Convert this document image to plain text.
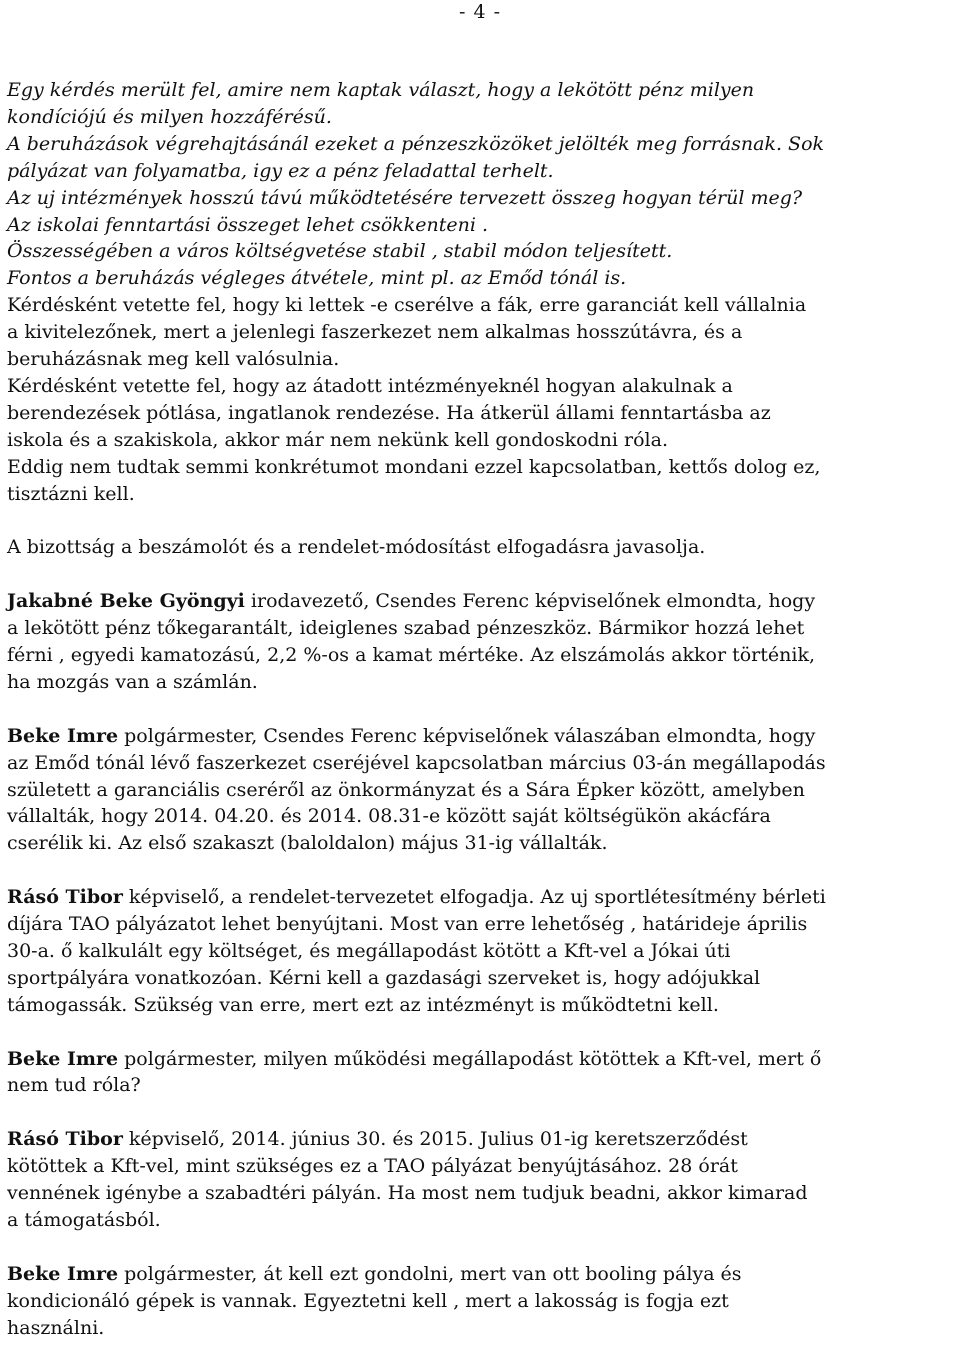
- 4 -

Egy kérdés merült fel, amire nem kaptak választ, hogy a lekötött pénz milyen

kondíciójú és milyen hozzáférésű.

A beruházások végrehajtásánál ezeket a pénzeszközöket jelölték meg forrásnak. Sok

pályázat van folyamatba, igy ez a pénz feladattal terhelt.

Az uj intézmények hosszú távú működtetésére tervezett összeg hogyan térül meg?

Az iskolai fenntartási összeget lehet csökkenteni .

Összességében a város költségvetése stabil , stabil módon teljesített.

Fontos a beruházás végleges átvétele, mint pl. az Emőd tónál is.

Kérdésként vetette fel, hogy ki lettek -e cserélve a fák, erre garanciát kell vállalnia

a kivitelezőnek, mert a jelenlegi faszerkezet nem alkalmas hosszútávra, és a

beruházásnak meg kell valósulnia.

Kérdésként vetette fel, hogy az átadott intézményeknél hogyan alakulnak a

berendezések pótlása, ingatlanok rendezése. Ha átkerül állami fenntartásba az

iskola és a szakiskola, akkor már nem nekünk kell gondoskodni róla.

Eddig nem tudtak semmi konkrétumot mondani ezzel kapcsolatban, kettős dolog ez,

tisztázni kell.

A bizottság a beszámolót és a rendelet-módosítást elfogadásra javasolja.

Jakabné Beke Gyöngyi irodavezető, Csendes Ferenc képviselőnek elmondta, hogy

a lekötött pénz tőkegarantált, ideiglenes szabad pénzeszköz. Bármikor hozzá lehet

férni , egyedi kamatozású, 2,2 %-os a kamat mértéke. Az elszámolás akkor történik,

ha mozgás van a számlán.

Beke Imre polgármester, Csendes Ferenc képviselőnek válaszában elmondta, hogy

az Emőd tónál lévő faszerkezet cseréjével kapcsolatban március 03-án megállapodás

született a garanciális cseréről az önkormányzat és a Sára Épker között, amelyben

vállalták, hogy 2014. 04.20. és 2014. 08.31-e között saját költségükön akácfára

cserélik ki. Az első szakaszt (baloldalon) május 31-ig vállalták.

Rásó Tibor képviselő, a rendelet-tervezetet elfogadja. Az uj sportlétesítmény bérleti

díjára TAO pályázatot lehet benyújtani. Most van erre lehetőség , határideje április

30-a. ő kalkulált egy költséget, és megállapodást kötött a Kft-vel a Jókai úti

sportpályára vonatkozóan. Kérni kell a gazdasági szerveket is, hogy adójukkal

támogassák. Szükség van erre, mert ezt az intézményt is működtetni kell.

Beke Imre polgármester, milyen működési megállapodást kötöttek a Kft-vel, mert ő

nem tud róla?

Rásó Tibor képviselő, 2014. június 30. és 2015. Julius 01-ig keretszerződést

kötöttek a Kft-vel, mint szükséges ez a TAO pályázat benyújtásához. 28 órát

vennének igénybe a szabadtéri pályán. Ha most nem tudjuk beadni, akkor kimarad

a támogatásból.

Beke Imre polgármester, át kell ezt gondolni, mert van ott booling pálya és

kondicionáló gépek is vannak. Egyeztetni kell , mert a lakosság is fogja ezt

használni.
